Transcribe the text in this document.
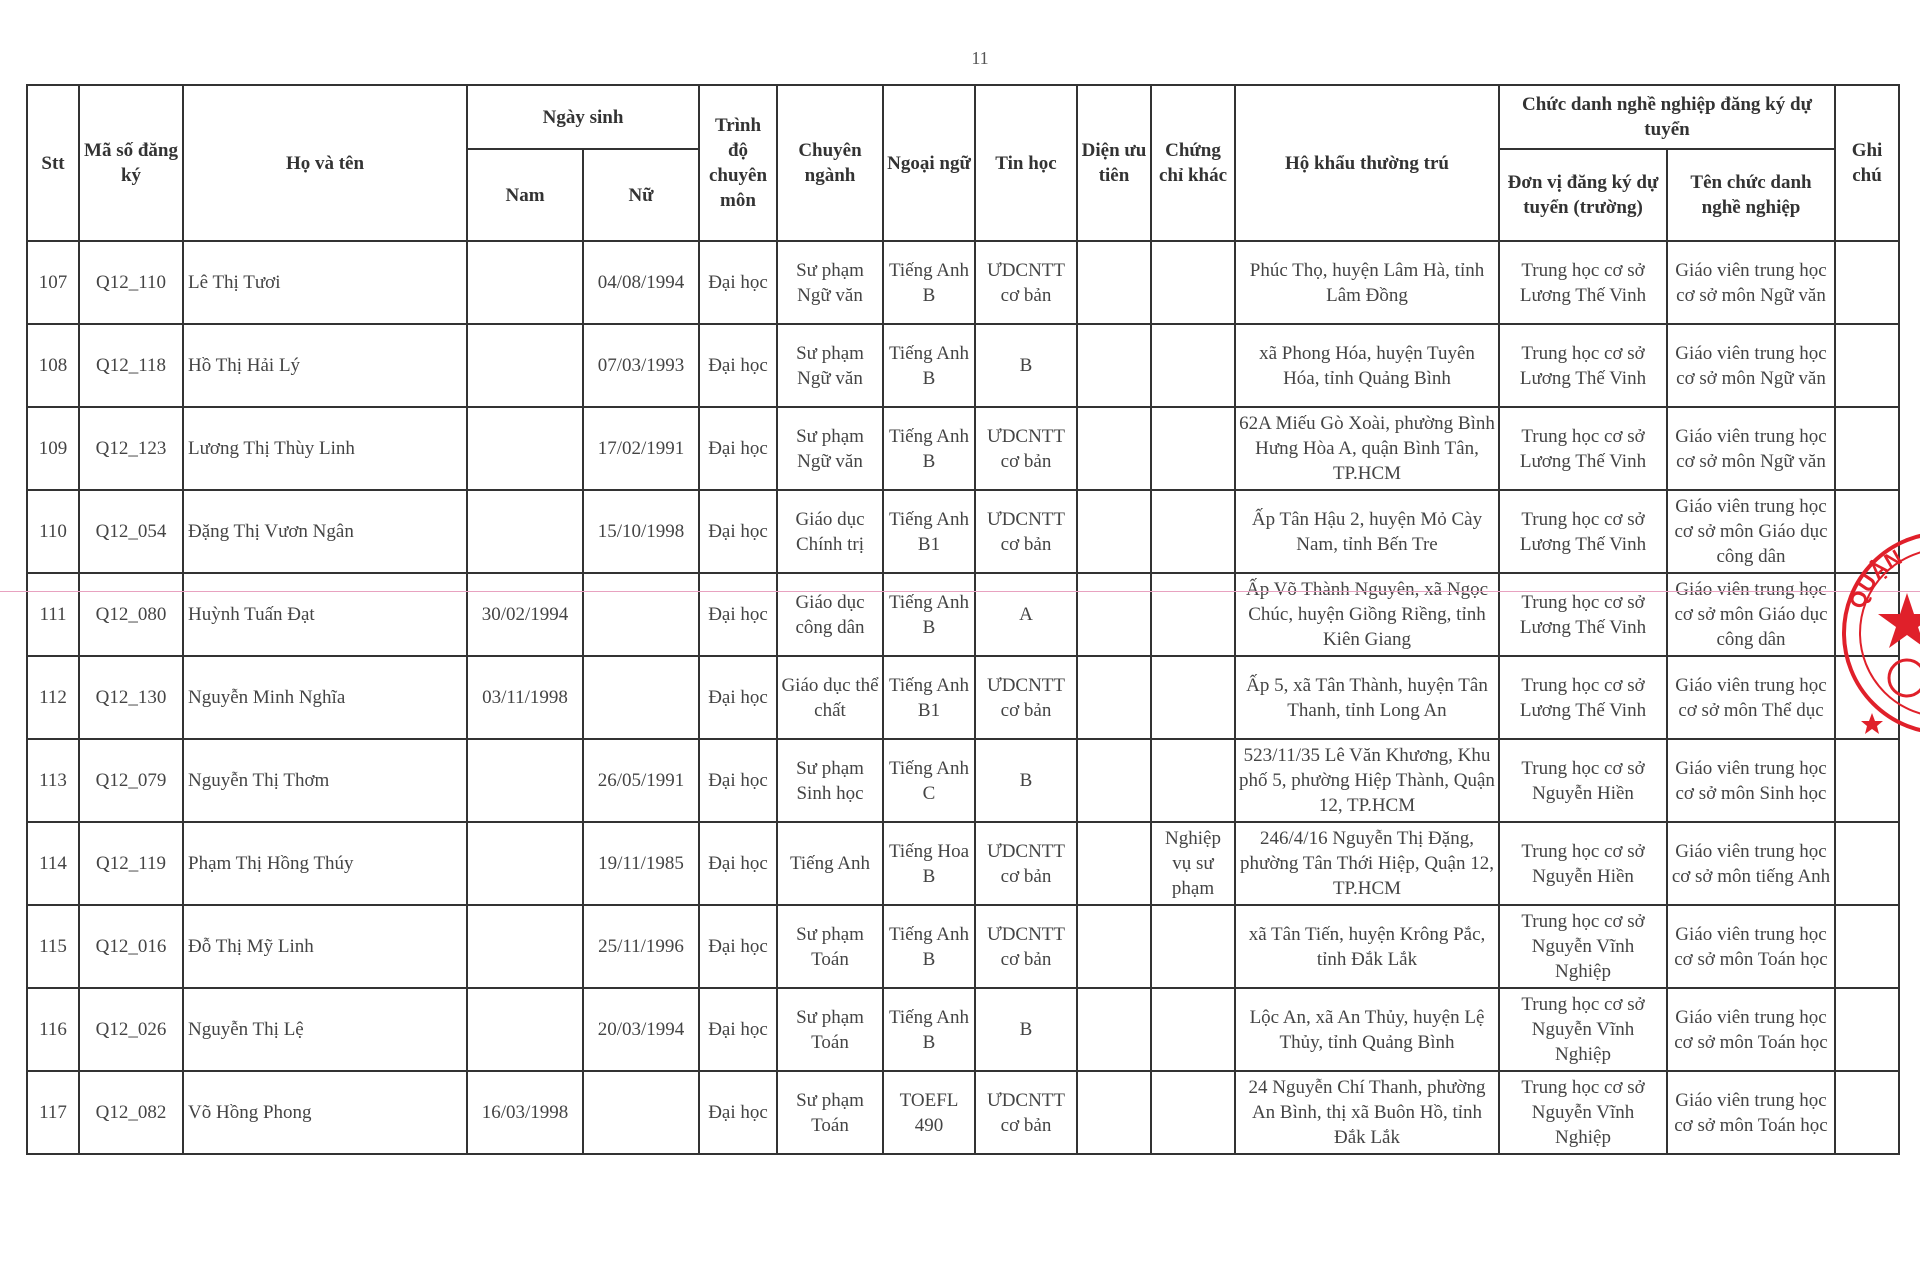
11
Stt	Mã số đăng ký	Họ và tên	Ngày sinh		Trình độ chuyên môn	Chuyên ngành	Ngoại ngữ	Tin học	Diện ưu tiên	Chứng chỉ khác	Hộ khẩu thường trú	Chức danh nghề nghiệp đăng ký dự tuyển		Ghi chú
			Nam	Nữ								Đơn vị đăng ký dự tuyển (trường)	Tên chức danh nghề nghiệp	
107	Q12_110	Lê Thị Tươi		04/08/1994	Đại học	Sư phạm Ngữ văn	Tiếng Anh B	ƯDCNTT cơ bản			Phúc Thọ, huyện Lâm Hà, tỉnh Lâm Đồng	Trung học cơ sở Lương Thế Vinh	Giáo viên trung học cơ sở môn Ngữ văn	
108	Q12_118	Hồ Thị Hải Lý		07/03/1993	Đại học	Sư phạm Ngữ văn	Tiếng Anh B	B			xã Phong Hóa, huyện Tuyên Hóa, tỉnh Quảng Bình	Trung học cơ sở Lương Thế Vinh	Giáo viên trung học cơ sở môn Ngữ văn	
109	Q12_123	Lương Thị Thùy Linh		17/02/1991	Đại học	Sư phạm Ngữ văn	Tiếng Anh B	ƯDCNTT cơ bản			62A Miếu Gò Xoài, phường Bình Hưng Hòa A, quận Bình Tân, TP.HCM	Trung học cơ sở Lương Thế Vinh	Giáo viên trung học cơ sở môn Ngữ văn	
110	Q12_054	Đặng Thị Vươn Ngân		15/10/1998	Đại học	Giáo dục Chính trị	Tiếng Anh B1	ƯDCNTT cơ bản			Ấp Tân Hậu 2, huyện Mỏ Cày Nam, tỉnh Bến Tre	Trung học cơ sở Lương Thế Vinh	Giáo viên trung học cơ sở môn Giáo dục công dân	
111	Q12_080	Huỳnh Tuấn Đạt	30/02/1994		Đại học	Giáo dục công dân	Tiếng Anh B	A			Ấp Võ Thành Nguyên, xã Ngọc Chúc, huyện Giồng Riềng, tỉnh Kiên Giang	Trung học cơ sở Lương Thế Vinh	Giáo viên trung học cơ sở môn Giáo dục công dân	
112	Q12_130	Nguyễn Minh Nghĩa	03/11/1998		Đại học	Giáo dục thể chất	Tiếng Anh B1	ƯDCNTT cơ bản			Ấp 5, xã Tân Thành, huyện Tân Thanh, tỉnh Long An	Trung học cơ sở Lương Thế Vinh	Giáo viên trung học cơ sở môn Thể dục	
113	Q12_079	Nguyễn Thị Thơm		26/05/1991	Đại học	Sư phạm Sinh học	Tiếng Anh C	B			523/11/35 Lê Văn Khương, Khu phố 5, phường Hiệp Thành, Quận 12, TP.HCM	Trung học cơ sở Nguyễn Hiền	Giáo viên trung học cơ sở môn Sinh học	
114	Q12_119	Phạm Thị Hồng Thúy		19/11/1985	Đại học	Tiếng Anh	Tiếng Hoa B	ƯDCNTT cơ bản		Nghiệp vụ sư phạm	246/4/16 Nguyễn Thị Đặng, phường Tân Thới Hiệp, Quận 12, TP.HCM	Trung học cơ sở Nguyễn Hiền	Giáo viên trung học cơ sở môn tiếng Anh	
115	Q12_016	Đỗ Thị Mỹ Linh		25/11/1996	Đại học	Sư phạm Toán	Tiếng Anh B	ƯDCNTT cơ bản			xã Tân Tiến, huyện Krông Pắc, tỉnh Đắk Lắk	Trung học cơ sở Nguyễn Vĩnh Nghiệp	Giáo viên trung học cơ sở môn Toán học	
116	Q12_026	Nguyễn Thị Lệ		20/03/1994	Đại học	Sư phạm Toán	Tiếng Anh B	B			Lộc An, xã An Thủy, huyện Lệ Thủy, tỉnh Quảng Bình	Trung học cơ sở Nguyễn Vĩnh Nghiệp	Giáo viên trung học cơ sở môn Toán học	
117	Q12_082	Võ Hồng Phong	16/03/1998		Đại học	Sư phạm Toán	TOEFL 490	ƯDCNTT cơ bản			24 Nguyễn Chí Thanh, phường An Bình, thị xã Buôn Hồ, tỉnh Đắk Lắk	Trung học cơ sở Nguyễn Vĩnh Nghiệp	Giáo viên trung học cơ sở môn Toán học	
QUẬN
